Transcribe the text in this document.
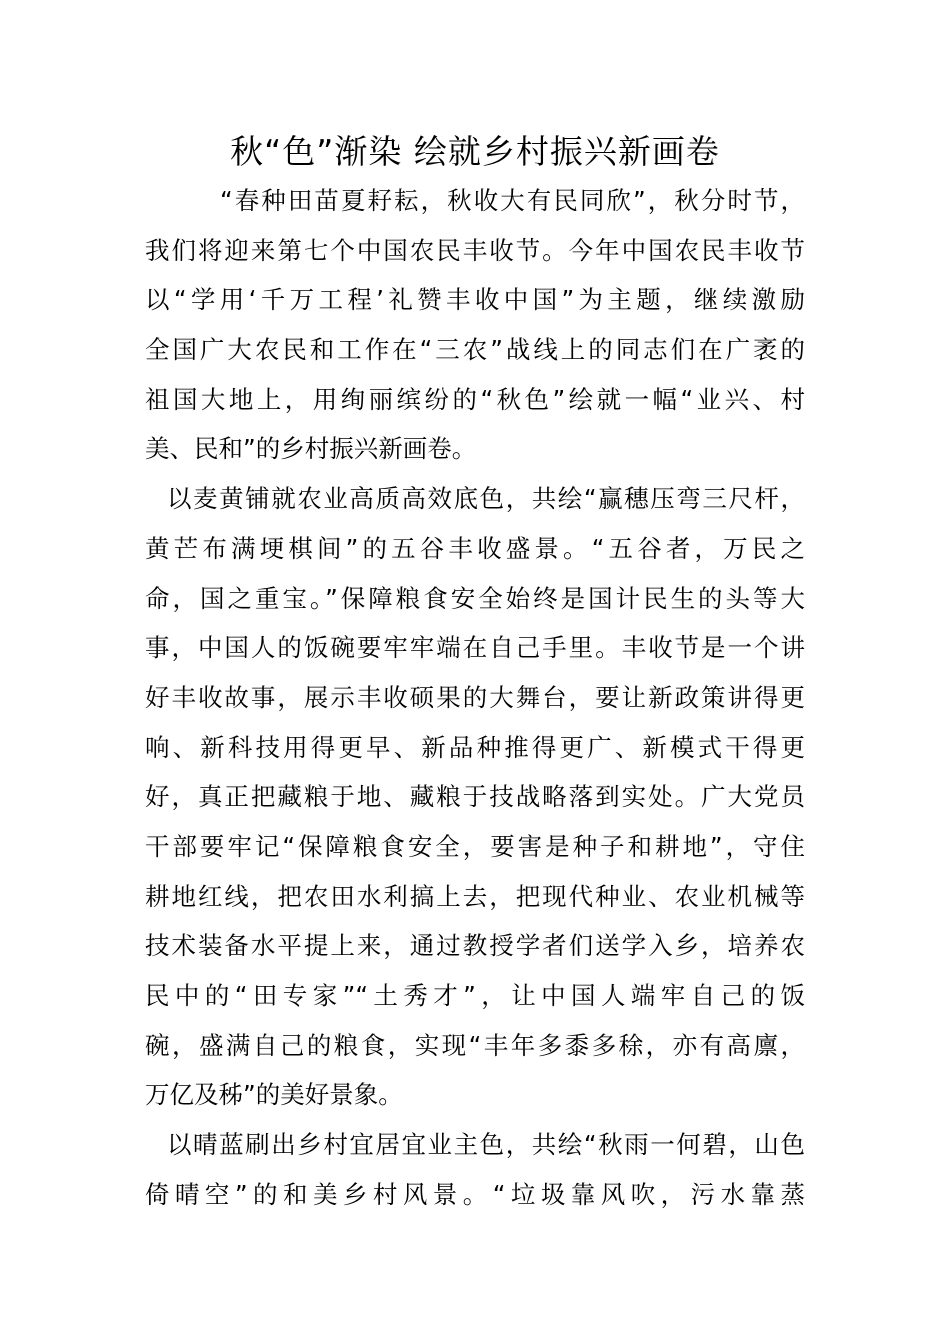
秋“色”渐染 绘就乡村振兴新画卷
“春种田苗夏耔耘，秋收大有民同欣”，秋分时节，
我们将迎来第七个中国农民丰收节。今年中国农民丰收节
以“学用‘千万工程’礼赞丰收中国”为主题，继续激励
全国广大农民和工作在“三农”战线上的同志们在广袤的
祖国大地上，用绚丽缤纷的“秋色”绘就一幅“业兴、村
美、民和”的乡村振兴新画卷。
以麦黄铺就农业高质高效底色，共绘“赢穗压弯三尺杆，
黄芒布满埂棋间”的五谷丰收盛景。“五谷者，万民之
命，国之重宝。”保障粮食安全始终是国计民生的头等大
事，中国人的饭碗要牢牢端在自己手里。丰收节是一个讲
好丰收故事，展示丰收硕果的大舞台，要让新政策讲得更
响、新科技用得更早、新品种推得更广、新模式干得更
好，真正把藏粮于地、藏粮于技战略落到实处。广大党员
干部要牢记“保障粮食安全，要害是种子和耕地”，守住
耕地红线，把农田水利搞上去，把现代种业、农业机械等
技术装备水平提上来，通过教授学者们送学入乡，培养农
民中的“田专家”“土秀才”，让中国人端牢自己的饭
碗，盛满自己的粮食，实现“丰年多黍多稌，亦有高廪，
万亿及秭”的美好景象。
以晴蓝刷出乡村宜居宜业主色，共绘“秋雨一何碧，山色
倚晴空”的和美乡村风景。“垃圾靠风吹，污水靠蒸
